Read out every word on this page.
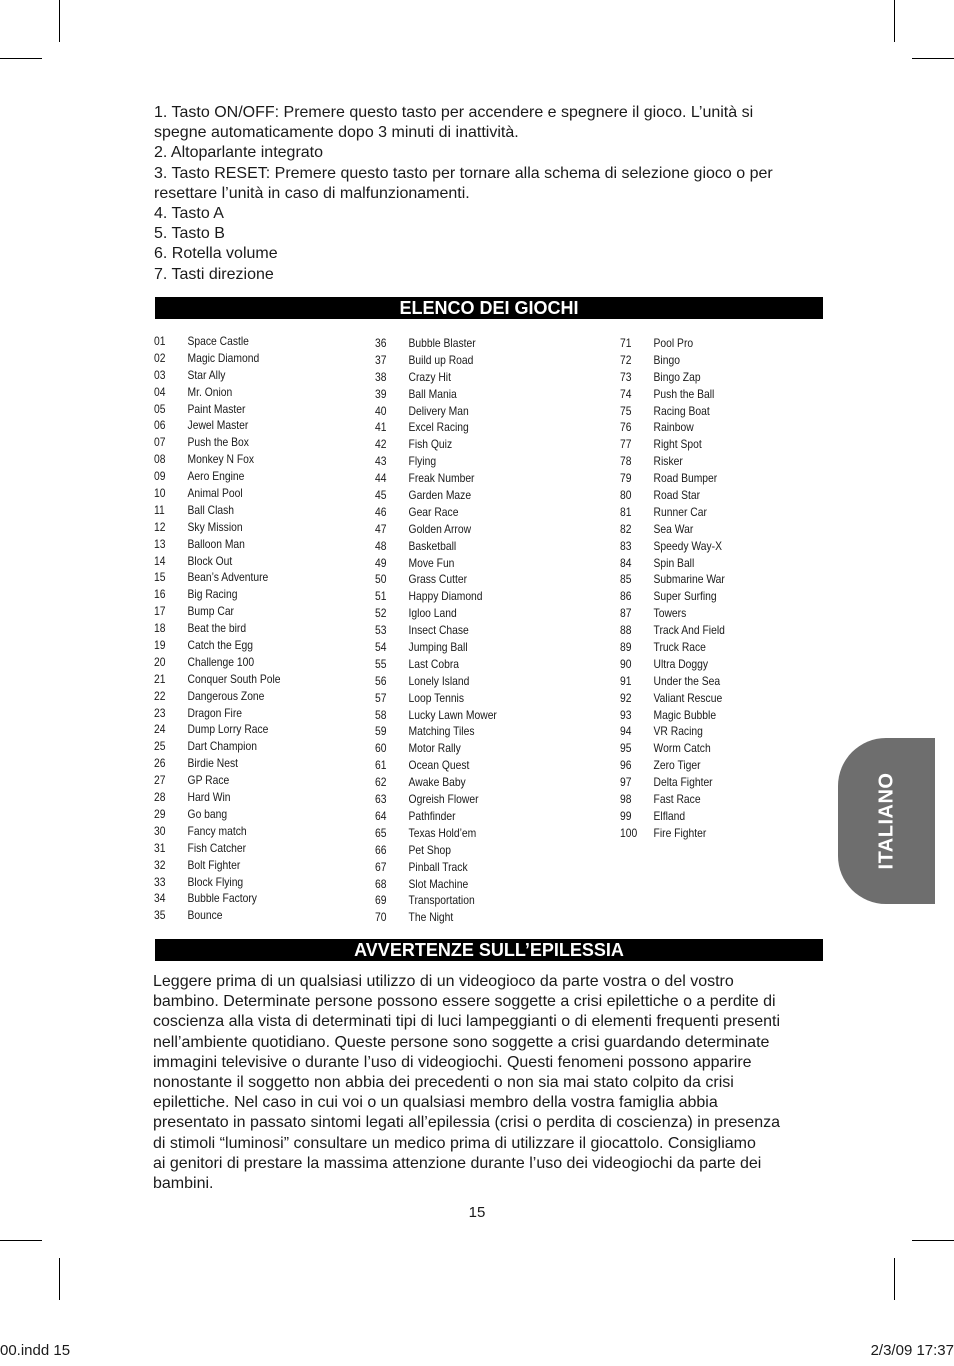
1. Tasto ON/OFF: Premere questo tasto per accendere e spegnere il gioco. L’unità si
spegne automaticamente dopo 3 minuti di inattività.
2. Altoparlante integrato
3. Tasto RESET: Premere questo tasto per tornare alla schema di selezione gioco o per
resettare l’unità in caso di malfunzionamenti.
4. Tasto A
5. Tasto B
6. Rotella volume
7. Tasti direzione
ELENCO DEI GIOCHI
01 Space Castle
02 Magic Diamond
03 Star Ally
04 Mr. Onion
05 Paint Master
06 Jewel Master
07 Push the Box
08 Monkey N Fox
09 Aero Engine
10 Animal Pool
11 Ball Clash
12 Sky Mission
13 Balloon Man
14 Block Out
15 Bean’s Adventure
16 Big Racing
17 Bump Car
18 Beat the bird
19 Catch the Egg
20 Challenge 100
21 Conquer South Pole
22 Dangerous Zone
23 Dragon Fire
24 Dump Lorry Race
25 Dart Champion
26 Birdie Nest
27 GP Race
28 Hard Win
29 Go bang
30 Fancy match
31 Fish Catcher
32 Bolt Fighter
33 Block Flying
34 Bubble Factory
35 Bounce
36 Bubble Blaster
37 Build up Road
38 Crazy Hit
39 Ball Mania
40 Delivery Man
41 Excel Racing
42 Fish Quiz
43 Flying
44 Freak Number
45 Garden Maze
46 Gear Race
47 Golden Arrow
48 Basketball
49 Move Fun
50 Grass Cutter
51 Happy Diamond
52 Igloo Land
53 Insect Chase
54 Jumping Ball
55 Last Cobra
56 Lonely Island
57 Loop Tennis
58 Lucky Lawn Mower
59 Matching Tiles
60 Motor Rally
61 Ocean Quest
62 Awake Baby
63 Ogreish Flower
64 Pathfinder
65 Texas Hold’em
66 Pet Shop
67 Pinball Track
68 Slot Machine
69 Transportation
70 The Night
71 Pool Pro
72 Bingo
73 Bingo Zap
74 Push the Ball
75 Racing Boat
76 Rainbow
77 Right Spot
78 Risker
79 Road Bumper
80 Road Star
81 Runner Car
82 Sea War
83 Speedy Way-X
84 Spin Ball
85 Submarine War
86 Super Surfing
87 Towers
88 Track And Field
89 Truck Race
90 Ultra Doggy
91 Under the Sea
92 Valiant Rescue
93 Magic Bubble
94 VR Racing
95 Worm Catch
96 Zero Tiger
97 Delta Fighter
98 Fast Race
99 Elfland
100 Fire Fighter
AVVERTENZE SULL’EPILESSIA
Leggere prima di un qualsiasi utilizzo di un videogioco da parte vostra o del vostro
bambino. Determinate persone possono essere soggette a crisi epilettiche o a perdite di
coscienza alla vista di determinati tipi di luci lampeggianti o di elementi frequenti presenti
nell’ambiente quotidiano. Queste persone sono soggette a crisi guardando determinate
immagini televisive o durante l’uso di videogiochi. Questi fenomeni possono apparire
nonostante il soggetto non abbia dei precedenti o non sia mai stato colpito da crisi
epilettiche. Nel caso in cui voi o un qualsiasi membro della vostra famiglia abbia
presentato in passato sintomi legati all’epilessia (crisi o perdita di coscienza) in presenza
di stimoli “luminosi” consultare un medico prima di utilizzare il giocattolo. Consigliamo
ai genitori di prestare la massima attenzione durante l’uso dei videogiochi da parte dei
bambini.
15
ITALIANO
00.indd 15	2/3/09 17:37
